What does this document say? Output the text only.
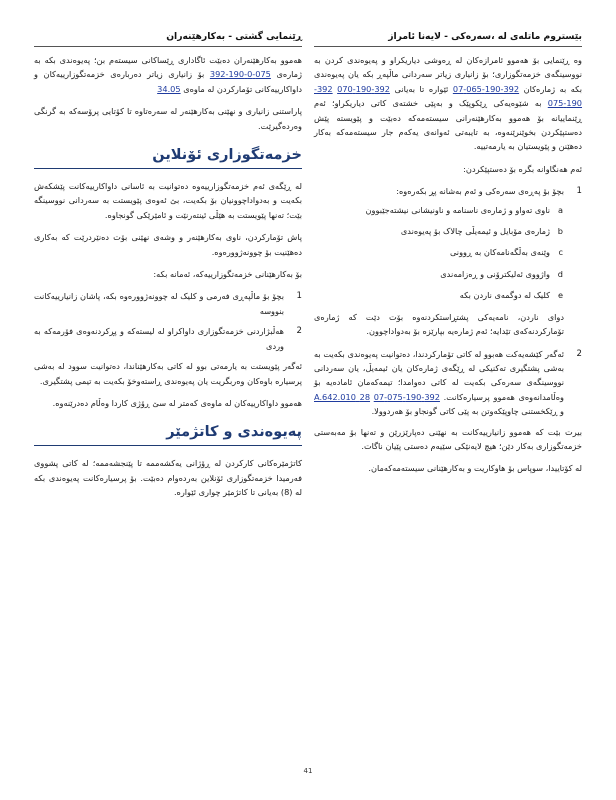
بێستروم ماتلەی لە ،سەرەکی - لایەنا ئامراز

وە ڕێنمایی بۆ هەموو ئامرازەکان لە ڕەوشی دیاریکراو و پەیوەندی کردن بە نووسینگەی خزمەتگوزاری؛ بۆ زانیاری زیاتر سەردانی ماڵپەڕ بکە یان پەیوەندی بکە بە ژمارەکان 392-190-065-07 ئێوارە تا بەیانی 392-190-070 392-190-075 بە شێوەیەکی ڕێکوپێک و بەپێی خشتەی کاتی دیاریکراو؛ ئەم ڕێنماییانە بۆ هەموو بەکارهێنەرانی سیستەمەکە دەبێت و پێویستە پێش دەستپێکردن بخوێنرێنەوە، بە تایبەتی ئەوانەی یەکەم جار سیستەمەکە بەکار دەهێنن و پێویستیان بە یارمەتییە.

ئەم هەنگاوانە بگرە بۆ دەستپێکردن:

1
بچۆ بۆ پەڕەی سەرەکی و ئەم بەشانە پڕ بکەرەوە:
a
ناوی تەواو و ژمارەی ناسنامە و ناونیشانی نیشتەجێبوون
b
ژمارەی مۆبایل و ئیمەیڵی چالاک بۆ پەیوەندی
c
وێنەی بەڵگەنامەکان بە ڕوونی
d
واژووی ئەلیکترۆنی و ڕەزامەندی
e
کلیک لە دوگمەی ناردن بکە

دوای ناردن، نامەیەکی پشتڕاستکردنەوە بۆت دێت کە ژمارەی تۆمارکردنەکەی تێدایە؛ ئەم ژمارەیە بپارێزە بۆ بەدواداچوون.

2
ئەگەر کێشەیەکت هەبوو لە کاتی تۆمارکردندا، دەتوانیت پەیوەندی بکەیت بە بەشی پشتگیری تەکنیکی لە ڕێگەی ژمارەکان یان ئیمەیڵ، یان سەردانی نووسینگەی سەرەکی بکەیت لە کاتی دەوامدا؛ تیمەکەمان ئامادەیە بۆ وەڵامدانەوەی هەموو پرسیارەکانت. 392-190-075-07 28 A.642.010 و ڕێکخستنی چاوپێکەوتن بە پێی کاتی گونجاو بۆ هەردوولا.

بیرت بێت کە هەموو زانیارییەکانت بە نهێنی دەپارێزرێن و تەنها بۆ مەبەستی خزمەتگوزاری بەکار دێن؛ هیچ لایەنێکی سێیەم دەستی پێیان ناگات.

لە کۆتاییدا، سوپاس بۆ هاوکاریت و بەکارهێنانی سیستەمەکەمان.

ڕێنمایی گشتی - بەکارهێنەران

هەموو بەکارهێنەران دەبێت ئاگاداری ڕێساکانی سیستەم بن؛ پەیوەندی بکە بە ژمارەی 075-0-190-392 بۆ زانیاری زیاتر دەربارەی خزمەتگوزارییەکان و داواکارییەکانی تۆمارکردن لە ماوەی 34.05

پاراستنی زانیاری و نهێنی بەکارهێنەر لە سەرەتاوە تا کۆتایی پرۆسەکە بە گرنگی وەردەگیرێت.

خزمەتگوزاری ئۆنلاین

لە ڕێگەی ئەم خزمەتگوزارییەوە دەتوانیت بە ئاسانی داواکارییەکانت پێشکەش بکەیت و بەدواداچوونیان بۆ بکەیت، بێ ئەوەی پێویستت بە سەردانی نووسینگە بێت؛ تەنها پێویستت بە هێڵی ئینتەرنێت و ئامێرێکی گونجاوە.

پاش تۆمارکردن، ناوی بەکارهێنەر و وشەی نهێنی بۆت دەنێردرێت کە بەکاری دەهێنیت بۆ چوونەژوورەوە.

بۆ بەکارهێنانی خزمەتگوزارییەکە، ئەمانە بکە:

1
بچۆ بۆ ماڵپەڕی فەرمی و کلیک لە چوونەژوورەوە بکە، پاشان زانیارییەکانت بنووسە
2
هەڵبژاردنی خزمەتگوزاری داواکراو لە لیستەکە و پڕکردنەوەی فۆرمەکە بە وردی

ئەگەر پێویستت بە یارمەتی بوو لە کاتی بەکارهێناندا، دەتوانیت سوود لە بەشی پرسیارە باوەکان وەربگریت یان پەیوەندی ڕاستەوخۆ بکەیت بە تیمی پشتگیری.

هەموو داواکارییەکان لە ماوەی کەمتر لە سێ ڕۆژی کاردا وەڵام دەدرێنەوە.

پەیوەندی و کاتژمێر

کاتژمێرەکانی کارکردن لە ڕۆژانی یەکشەممە تا پێنجشەممە؛ لە کاتی پشووی فەرمیدا خزمەتگوزاری ئۆنلاین بەردەوام دەبێت. بۆ پرسیارەکانت پەیوەندی بکە لە (8) بەیانی تا کاتژمێر چواری ئێوارە.

41
